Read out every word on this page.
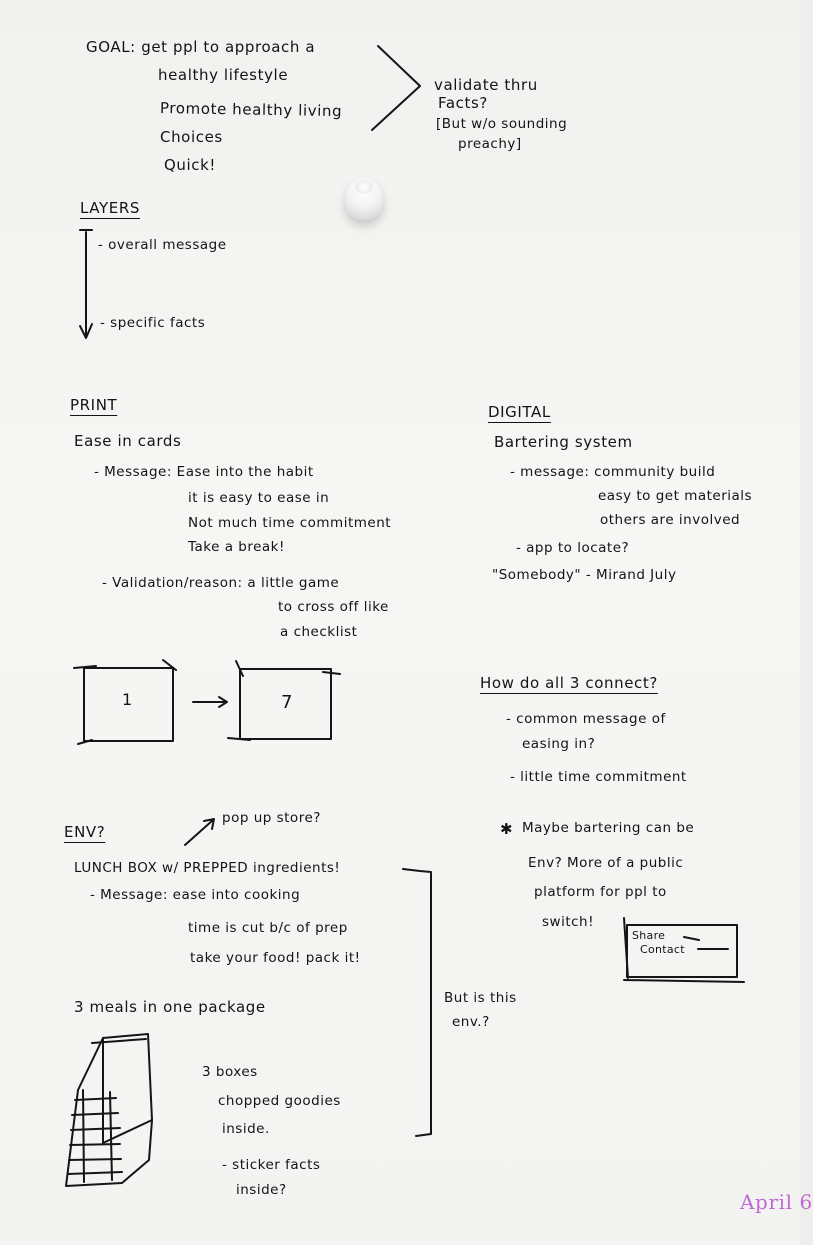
GOAL: get ppl to approach a

healthy lifestyle

Promote healthy living

Choices

Quick!

validate thru

Facts?

[But w/o sounding

preachy]

LAYERS

- overall message

- specific facts

PRINT

Ease in cards

- Message: Ease into the habit

it is easy to ease in

Not much time commitment

Take a break!

- Validation/reason: a little game

to cross off like

a checklist

1	7

DIGITAL

Bartering system

- message: community build

easy to get materials

others are involved

- app to locate?

"Somebody" - Mirand July

How do all 3 connect?

- common message of

easing in?

- little time commitment

✱ Maybe bartering can be

Env? More of a public

platform for ppl to

switch!

Share

Contact

ENV?

pop up store?

LUNCH BOX w/ PREPPED ingredients!

- Message: ease into cooking

time is cut b/c of prep

take your food! pack it!

3 meals in one package

3 boxes

chopped goodies

inside.

- sticker facts

inside?

But is this

env.?

April 6
